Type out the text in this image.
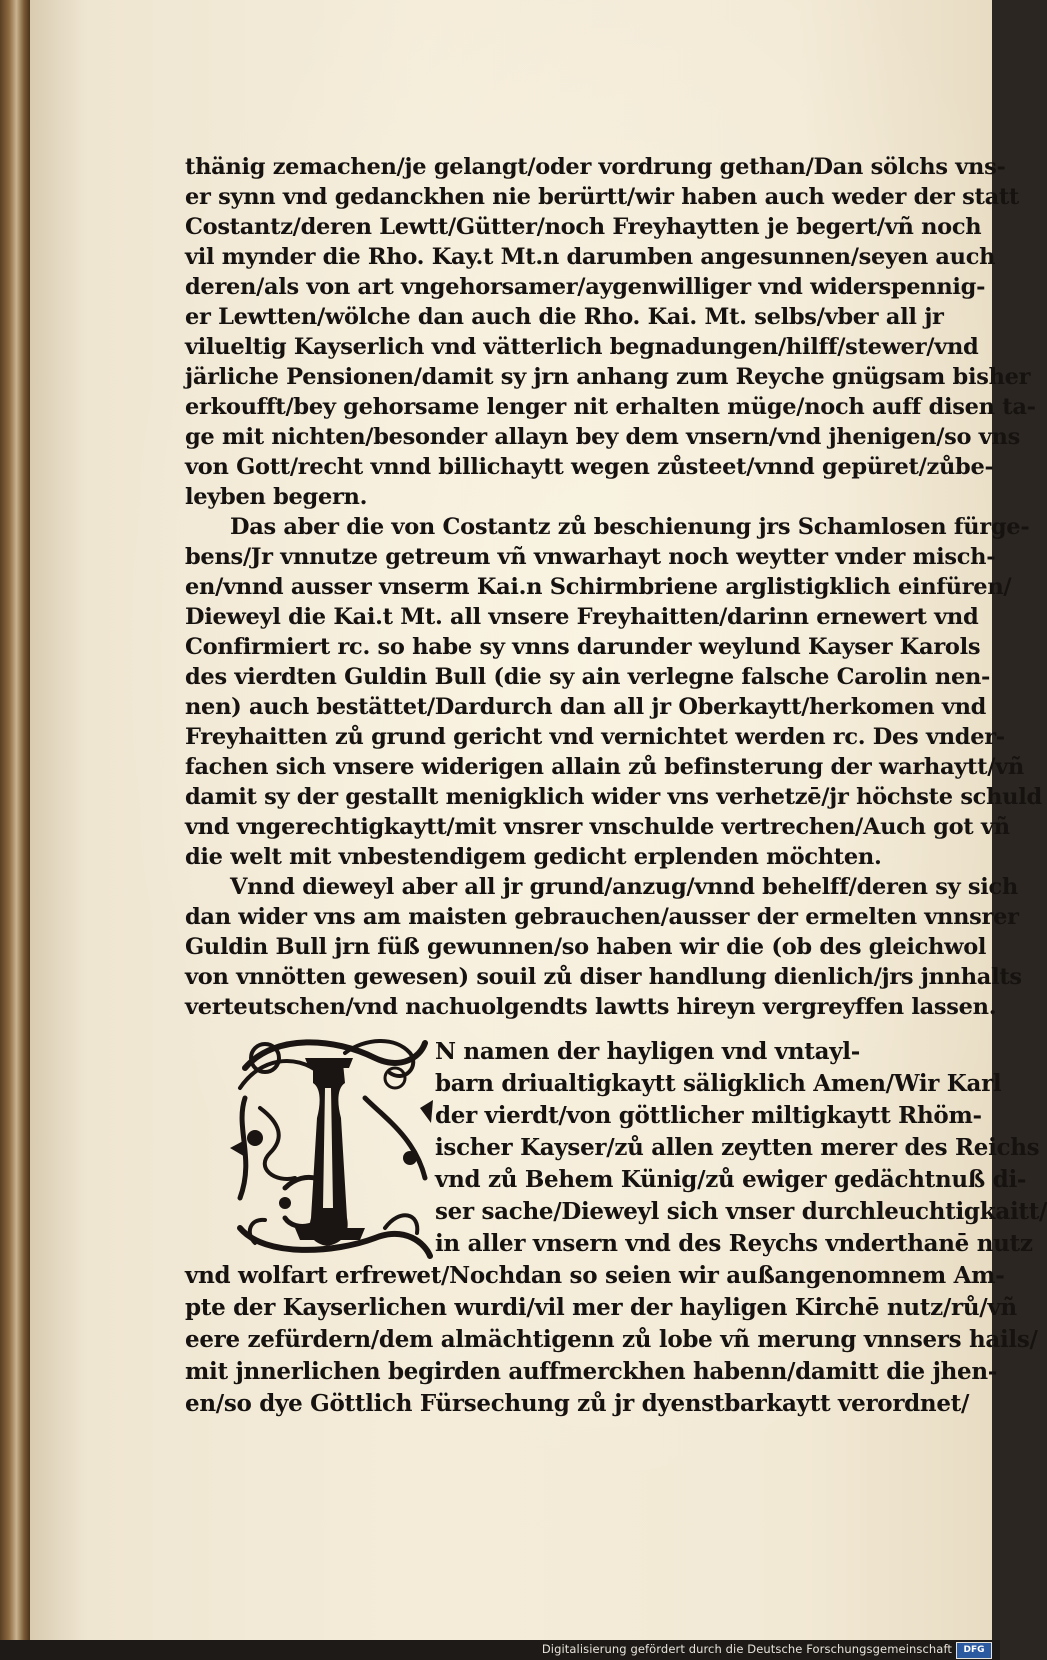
thänig zemachen/je gelangt/oder vordrung gethan/Dan sölchs vns-
er synn vnd gedanckhen nie berürtt/wir haben auch weder der statt
Costantz/deren Lewtt/Gütter/noch Freyhaytten je begert/vñ noch
vil mynder die Rho. Kay.t Mt.n darumben angesunnen/seyen auch
deren/als von art vngehorsamer/aygenwilliger vnd widerspennig-
er Lewtten/wölche dan auch die Rho. Kai. Mt. selbs/vber all jr
vilueltig Kayserlich vnd vätterlich begnadungen/hilff/stewer/vnd
järliche Pensionen/damit sy jrn anhang zum Reyche gnügsam bisher
erkoufft/bey gehorsame lenger nit erhalten müge/noch auff disen ta-
ge mit nichten/besonder allayn bey dem vnsern/vnd jhenigen/so vns
von Gott/recht vnnd billichaytt wegen zůsteet/vnnd gepüret/zůbe-
leyben begern.
Das aber die von Costantz zů beschienung jrs Schamlosen fürge-
bens/Jr vnnutze getreum vñ vnwarhayt noch weytter vnder misch-
en/vnnd ausser vnserm Kai.n Schirmbriene arglistigklich einfüren/
Dieweyl die Kai.t Mt. all vnsere Freyhaitten/darinn ernewert vnd
Confirmiert rc. so habe sy vnns darunder weylund Kayser Karols
des vierdten Guldin Bull (die sy ain verlegne falsche Carolin nen-
nen) auch bestättet/Dardurch dan all jr Oberkaytt/herkomen vnd
Freyhaitten zů grund gericht vnd vernichtet werden rc. Des vnder-
fachen sich vnsere widerigen allain zů befinsterung der warhaytt/vñ
damit sy der gestallt menigklich wider vns verhetzē/jr höchste schuld
vnd vngerechtigkaytt/mit vnsrer vnschulde vertrechen/Auch got vñ
die welt mit vnbestendigem gedicht erplenden möchten.
Vnnd dieweyl aber all jr grund/anzug/vnnd behelff/deren sy sich
dan wider vns am maisten gebrauchen/ausser der ermelten vnnsrer
Guldin Bull jrn füß gewunnen/so haben wir die (ob des gleichwol
von vnnötten gewesen) souil zů diser handlung dienlich/jrs jnnhalts
verteutschen/vnd nachuolgendts lawtts hireyn vergreyffen lassen.
N namen der hayligen vnd vntayl-
barn driualtigkaytt säligklich Amen/Wir Karl
der vierdt/von göttlicher miltigkaytt Rhöm-
ischer Kayser/zů allen zeytten merer des Reichs
vnd zů Behem Künig/zů ewiger gedächtnuß di-
ser sache/Dieweyl sich vnser durchleuchtigkaitt/
in aller vnsern vnd des Reychs vnderthanē nutz
vnd wolfart erfrewet/Nochdan so seien wir außangenomnem Am-
pte der Kayserlichen wurdi/vil mer der hayligen Kirchē nutz/rů/vñ
eere zefürdern/dem almächtigenn zů lobe vñ merung vnnsers hails/
mit jnnerlichen begirden auffmerckhen habenn/damitt die jhen-
en/so dye Göttlich Fürsechung zů jr dyenstbarkaytt verordnet/
Digitalisierung gefördert durch die Deutsche Forschungsgemeinschaft	DFG
